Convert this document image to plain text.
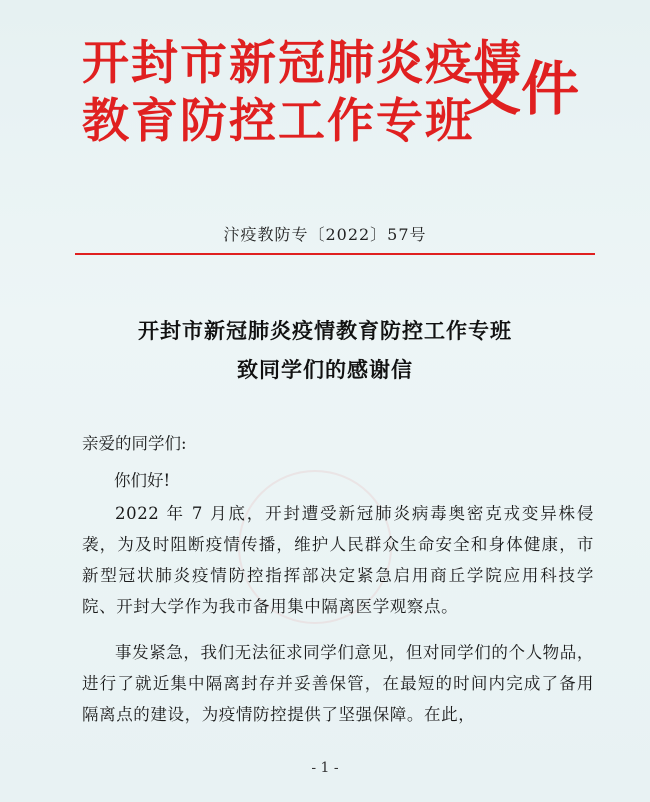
开封市新冠肺炎疫情
教育防控工作专班
文件
汴疫教防专〔2022〕57号
开封市新冠肺炎疫情教育防控工作专班
致同学们的感谢信
亲爱的同学们:
你们好!
2022 年 7 月底，开封遭受新冠肺炎病毒奥密克戎变异株侵袭，为及时阻断疫情传播，维护人民群众生命安全和身体健康，市新型冠状肺炎疫情防控指挥部决定紧急启用商丘学院应用科技学院、开封大学作为我市备用集中隔离医学观察点。
事发紧急，我们无法征求同学们意见，但对同学们的个人物品，进行了就近集中隔离封存并妥善保管，在最短的时间内完成了备用隔离点的建设，为疫情防控提供了坚强保障。在此，
- 1 -
